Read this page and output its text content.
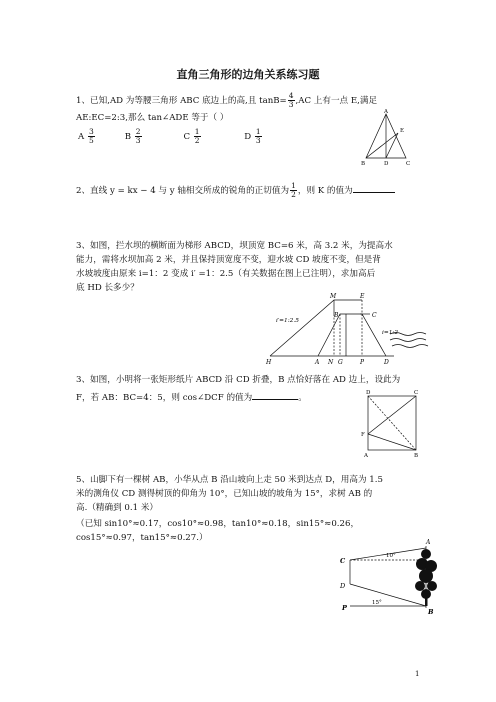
直角三角形的边角关系练习题
1、已知,AD 为等腰三角形 ABC 底边上的高,且 $\tan B= \frac{4}{3} ,AC$ 上有一点 E,满足
AE:EC=2:3,那么 tan∠ADE 等于（ ）
A $\frac{3}{5}$	B $\frac{2}{3}$	C $\frac{1}{2}$	D $\frac{1}{3}$
A
E
B	D	C
2、直线 y = kx − 4 与 y 轴相交所成的锐角的正切值为 $\frac{1}{2}$ ，则 K 的值为
3、如图，拦水坝的横断面为梯形 ABCD，坝顶宽 BC=6 米，高 3.2 米，为提高水
能力，需将水坝加高 2 米，并且保持顶宽度不变，迎水坡 CD 坡度不变，但是背
水坡坡度由原来 i=1：2 变成 i′ =1：2.5（有关数据在图上已注明），求加高后
底 HD 长多少？
M	E
B	C
i′=1:2.5
i=1:2
H	A N G	P	D
3、如图，小明将一张矩形纸片 ABCD 沿 CD 折叠，B 点恰好落在 AD 边上，设此为
F，若 AB：BC=4：5，则 cos∠DCF 的值为	。	D	C
F
A	B
5、山脚下有一棵树 AB，小华从点 B 沿山坡向上走 50 米到达点 D，用高为 1.5
米的测角仪 CD 测得树顶的仰角为 10°，已知山坡的坡角为 15°，求树 AB 的
高.（精确到 0.1 米）
（已知 sin10°≈0.17，cos10°≈0.98，tan10°≈0.18，sin15°≈0.26，
cos15°≈0.97，tan15°≈0.27.）	A
10°
C
D
P
15°
B
1
